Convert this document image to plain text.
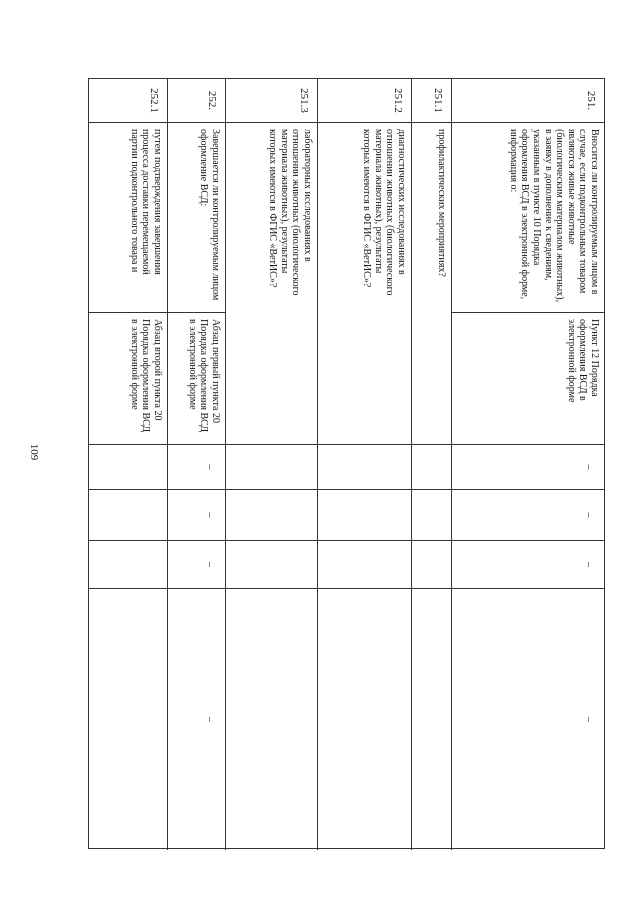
109
251.
Вносится ли контролируемым лицом в случае, если подконтрольным товаром являются живые животные (биологическим материалом животных), в заявку в дополнение к сведениям, указанным в пункте 10 Порядка оформления ВСД в электронной форме, информация о:
Пункт 12 Порядка оформления ВСД в электронной форме
–
–
–
–
251.1
профилактических мероприятиях?
251.2
диагностических исследованиях в отношении животных (биологического материала животных), результаты которых имеются в ФГИС «ВетИС»?
251.3
лабораторных исследованиях в отношении животных (биологического материала животных), результаты которых имеются в ФГИС «ВетИС»?
252.
Завершается ли контролируемым лицом оформление ВСД:
Абзац первый пункта 20 Порядка оформления ВСД в электронной форме
–
–
–
–
252.1
путем подтверждения завершения процесса доставки перемещаемой партии подконтрольного товара и
Абзац второй пункта 20 Порядка оформления ВСД в электронной форме
